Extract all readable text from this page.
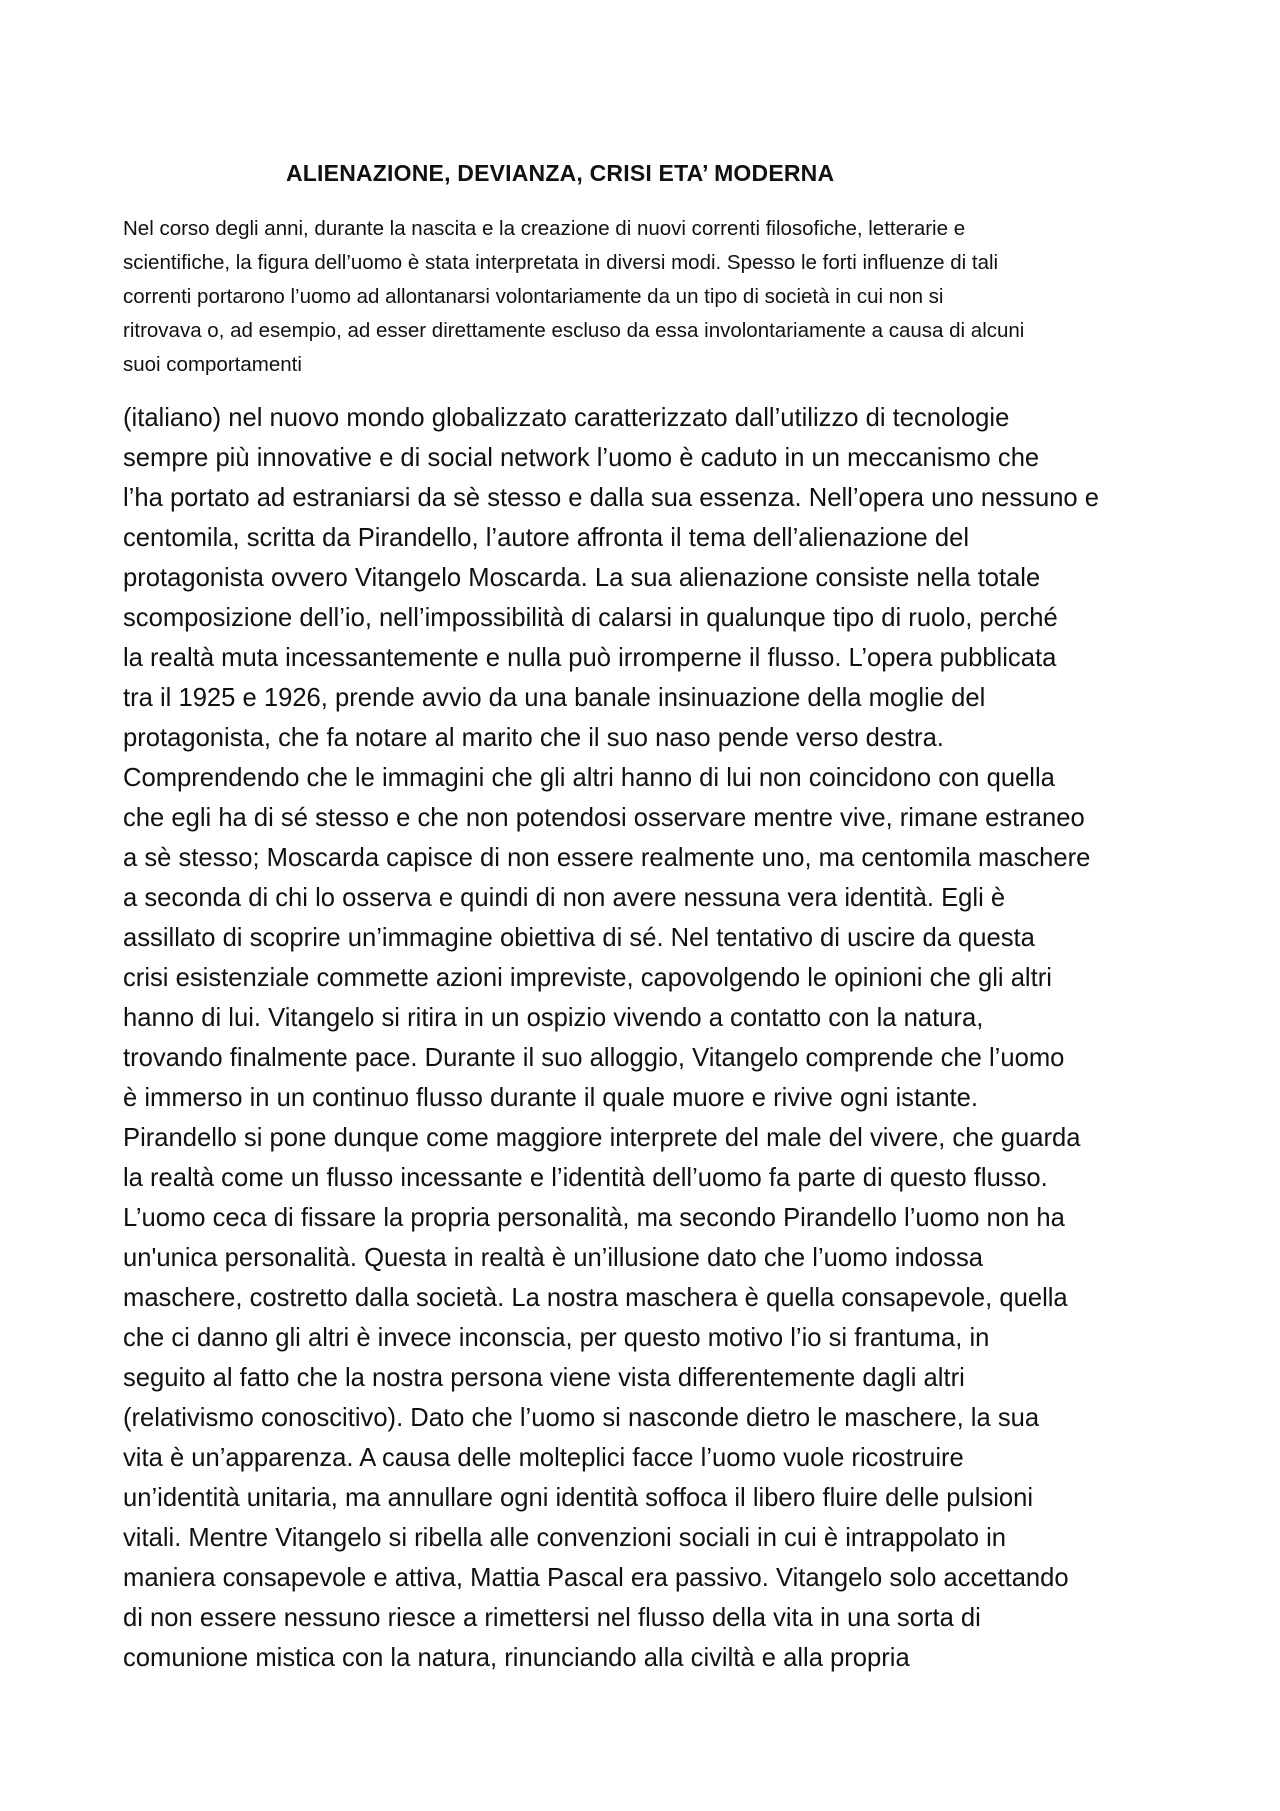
ALIENAZIONE, DEVIANZA, CRISI ETA’ MODERNA
Nel corso degli anni, durante la nascita e la creazione di nuovi correnti filosofiche, letterarie e
scientifiche, la figura dell’uomo è stata interpretata in diversi modi. Spesso le forti influenze di tali
correnti portarono l’uomo ad allontanarsi volontariamente da un tipo di società in cui non si
ritrovava o, ad esempio, ad esser direttamente escluso da essa involontariamente a causa di alcuni
suoi comportamenti
(italiano) nel nuovo mondo globalizzato caratterizzato dall’utilizzo di tecnologie
sempre più innovative e di social network l’uomo è caduto in un meccanismo che
l’ha portato ad estraniarsi da sè stesso e dalla sua essenza. Nell’opera uno nessuno e
centomila, scritta da Pirandello, l’autore affronta il tema dell’alienazione del
protagonista ovvero Vitangelo Moscarda. La sua alienazione consiste nella totale
scomposizione dell’io, nell’impossibilità di calarsi in qualunque tipo di ruolo, perché
la realtà muta incessantemente e nulla può irromperne il flusso. L’opera pubblicata
tra il 1925 e 1926, prende avvio da una banale insinuazione della moglie del
protagonista, che fa notare al marito che il suo naso pende verso destra.
Comprendendo che le immagini che gli altri hanno di lui non coincidono con quella
che egli ha di sé stesso e che non potendosi osservare mentre vive, rimane estraneo
a sè stesso; Moscarda capisce di non essere realmente uno, ma centomila maschere
a seconda di chi lo osserva e quindi di non avere nessuna vera identità. Egli è
assillato di scoprire un’immagine obiettiva di sé. Nel tentativo di uscire da questa
crisi esistenziale commette azioni impreviste, capovolgendo le opinioni che gli altri
hanno di lui. Vitangelo si ritira in un ospizio vivendo a contatto con la natura,
trovando finalmente pace. Durante il suo alloggio, Vitangelo comprende che l’uomo
è immerso in un continuo flusso durante il quale muore e rivive ogni istante.
Pirandello si pone dunque come maggiore interprete del male del vivere, che guarda
la realtà come un flusso incessante e l’identità dell’uomo fa parte di questo flusso.
L’uomo ceca di fissare la propria personalità, ma secondo Pirandello l’uomo non ha
un'unica personalità. Questa in realtà è un’illusione dato che l’uomo indossa
maschere, costretto dalla società. La nostra maschera è quella consapevole, quella
che ci danno gli altri è invece inconscia, per questo motivo l’io si frantuma, in
seguito al fatto che la nostra persona viene vista differentemente dagli altri
(relativismo conoscitivo). Dato che l’uomo si nasconde dietro le maschere, la sua
vita è un’apparenza. A causa delle molteplici facce l’uomo vuole ricostruire
un’identità unitaria, ma annullare ogni identità soffoca il libero fluire delle pulsioni
vitali. Mentre Vitangelo si ribella alle convenzioni sociali in cui è intrappolato in
maniera consapevole e attiva, Mattia Pascal era passivo. Vitangelo solo accettando
di non essere nessuno riesce a rimettersi nel flusso della vita in una sorta di
comunione mistica con la natura, rinunciando alla civiltà e alla propria
